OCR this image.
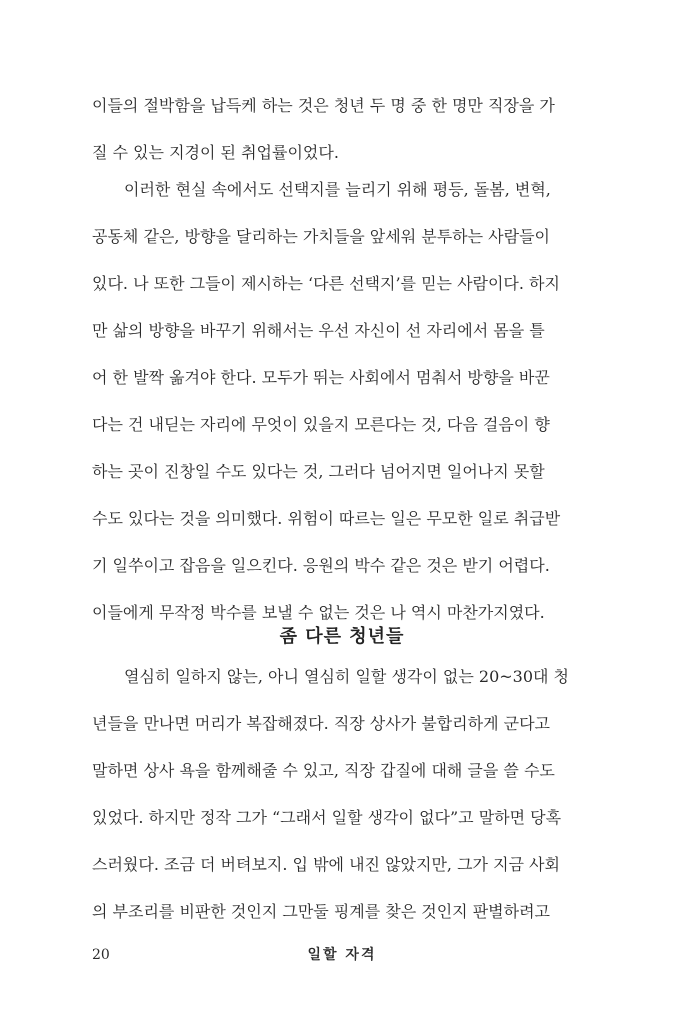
이들의 절박함을 납득케 하는 것은 청년 두 명 중 한 명만 직장을 가
질 수 있는 지경이 된 취업률이었다.
이러한 현실 속에서도 선택지를 늘리기 위해 평등, 돌봄, 변혁,
공동체 같은, 방향을 달리하는 가치들을 앞세워 분투하는 사람들이
있다. 나 또한 그들이 제시하는 ‘다른 선택지’를 믿는 사람이다. 하지
만 삶의 방향을 바꾸기 위해서는 우선 자신이 선 자리에서 몸을 틀
어 한 발짝 옮겨야 한다. 모두가 뛰는 사회에서 멈춰서 방향을 바꾼
다는 건 내딛는 자리에 무엇이 있을지 모른다는 것, 다음 걸음이 향
하는 곳이 진창일 수도 있다는 것, 그러다 넘어지면 일어나지 못할
수도 있다는 것을 의미했다. 위험이 따르는 일은 무모한 일로 취급받
기 일쑤이고 잡음을 일으킨다. 응원의 박수 같은 것은 받기 어렵다.
이들에게 무작정 박수를 보낼 수 없는 것은 나 역시 마찬가지였다.
좀 다른 청년들
열심히 일하지 않는, 아니 열심히 일할 생각이 없는 20~30대 청
년들을 만나면 머리가 복잡해졌다. 직장 상사가 불합리하게 군다고
말하면 상사 욕을 함께해줄 수 있고, 직장 갑질에 대해 글을 쓸 수도
있었다. 하지만 정작 그가 “그래서 일할 생각이 없다”고 말하면 당혹
스러웠다. 조금 더 버텨보지. 입 밖에 내진 않았지만, 그가 지금 사회
의 부조리를 비판한 것인지 그만둘 핑계를 찾은 것인지 판별하려고
20	일할 자격
